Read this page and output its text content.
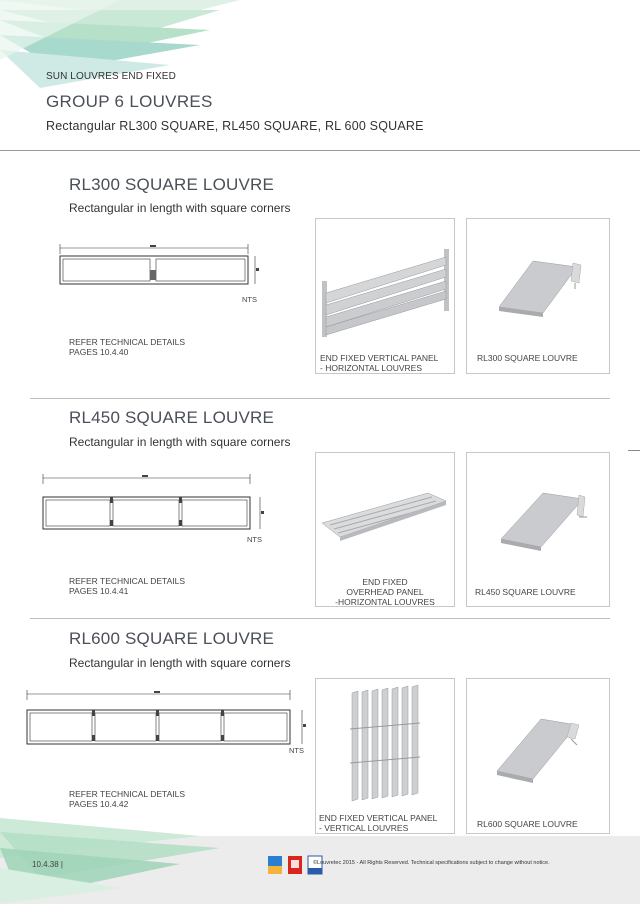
SUN LOUVRES END FIXED
GROUP 6 LOUVRES
Rectangular RL300 SQUARE, RL450 SQUARE, RL 600 SQUARE
RL300 SQUARE LOUVRE
Rectangular in length with square corners
NTS
REFER TECHNICAL DETAILS
PAGES 10.4.40
END FIXED VERTICAL PANEL
- HORIZONTAL LOUVRES
RL300 SQUARE LOUVRE
RL450 SQUARE LOUVRE
Rectangular in length with square corners
NTS
REFER TECHNICAL DETAILS
PAGES 10.4.41
END FIXED
OVERHEAD PANEL
-HORIZONTAL LOUVRES
RL450 SQUARE LOUVRE
RL600 SQUARE LOUVRE
Rectangular in length with square corners
NTS
REFER TECHNICAL DETAILS
PAGES 10.4.42
END FIXED VERTICAL PANEL
- VERTICAL LOUVRES	RL600 SQUARE LOUVRE
10.4.38 |	©Louvretec 2015 - All Rights Reserved. Technical specifications subject to change without notice.
